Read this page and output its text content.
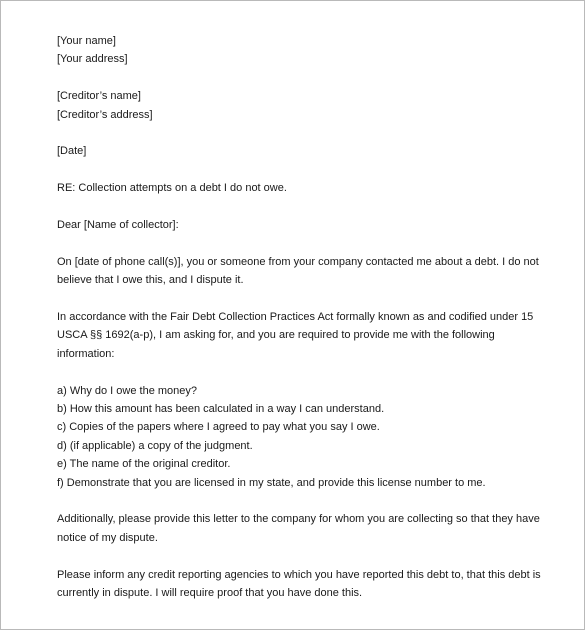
[Your name]
[Your address]
[Creditor’s name]
[Creditor’s address]
[Date]
RE: Collection attempts on a debt I do not owe.
Dear [Name of collector]:
On [date of phone call(s)], you or someone from your company contacted me about a debt. I do not
believe that I owe this, and I dispute it.
In accordance with the Fair Debt Collection Practices Act formally known as and codified under 15
USCA §§ 1692(a-p), I am asking for, and you are required to provide me with the following
information:
a) Why do I owe the money?
b) How this amount has been calculated in a way I can understand.
c) Copies of the papers where I agreed to pay what you say I owe.
d) (if applicable) a copy of the judgment.
e) The name of the original creditor.
f) Demonstrate that you are licensed in my state, and provide this license number to me.
Additionally, please provide this letter to the company for whom you are collecting so that they have
notice of my dispute.
Please inform any credit reporting agencies to which you have reported this debt to, that this debt is
currently in dispute. I will require proof that you have done this.
